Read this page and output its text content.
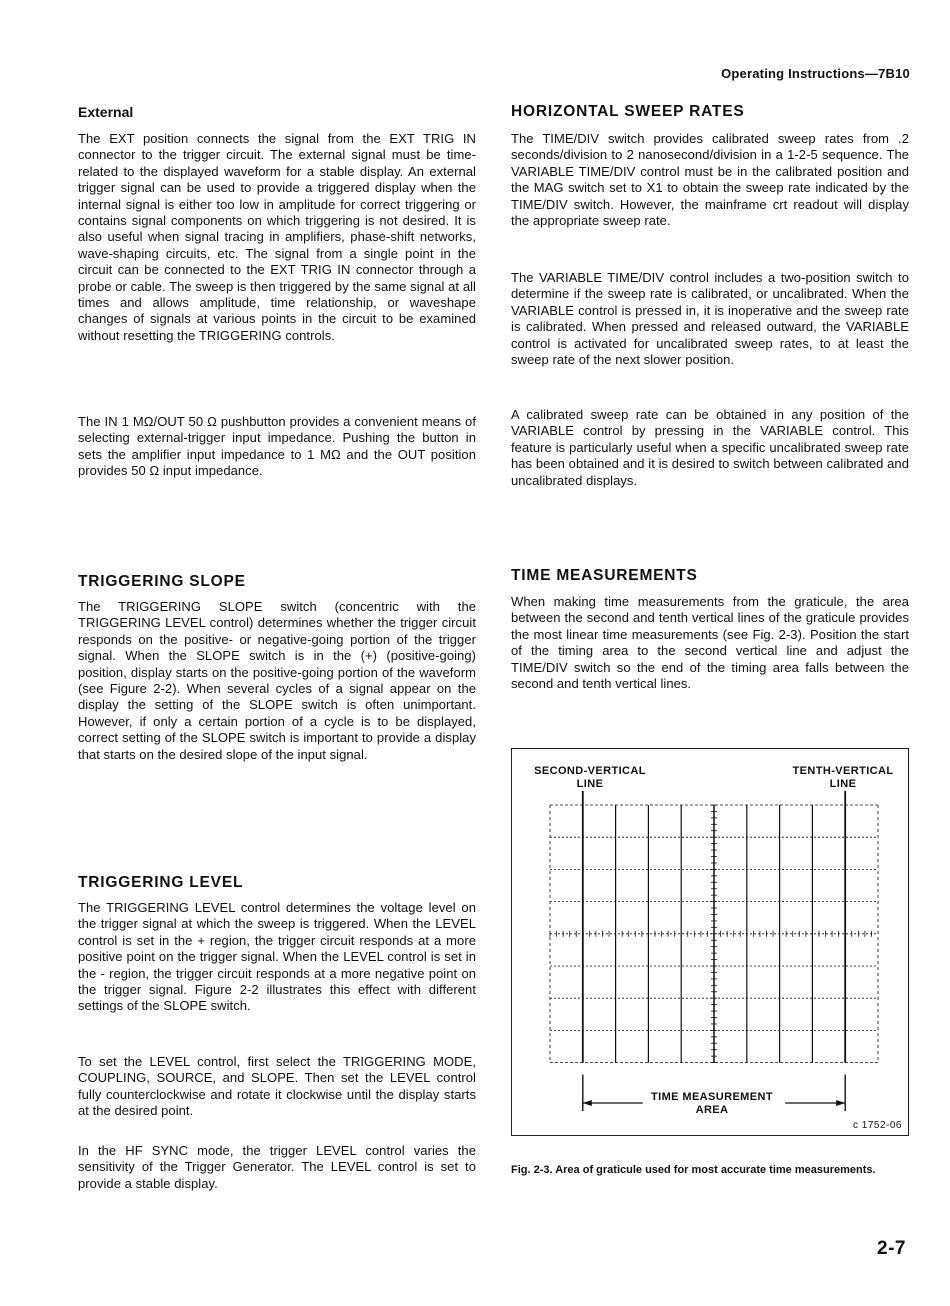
Operating Instructions—7B10
External

The EXT position connects the signal from the EXT TRIG IN connector to the trigger circuit. The external signal must be time-related to the displayed waveform for a stable display. An external trigger signal can be used to provide a triggered display when the internal signal is either too low in amplitude for correct triggering or contains signal components on which triggering is not desired. It is also useful when signal tracing in amplifiers, phase-shift networks, wave-shaping circuits, etc. The signal from a single point in the circuit can be connected to the EXT TRIG IN connector through a probe or cable. The sweep is then triggered by the same signal at all times and allows amplitude, time relationship, or waveshape changes of signals at various points in the circuit to be examined without resetting the TRIGGERING controls.

The IN 1 MΩ/OUT 50 Ω pushbutton provides a convenient means of selecting external-trigger input impedance. Pushing the button in sets the amplifier input impedance to 1 MΩ and the OUT position provides 50 Ω input impedance.

TRIGGERING SLOPE

The TRIGGERING SLOPE switch (concentric with the TRIGGERING LEVEL control) determines whether the trigger circuit responds on the positive- or negative-going portion of the trigger signal. When the SLOPE switch is in the (+) (positive-going) position, display starts on the positive-going portion of the waveform (see Figure 2-2). When several cycles of a signal appear on the display the setting of the SLOPE switch is often unimportant. However, if only a certain portion of a cycle is to be displayed, correct setting of the SLOPE switch is important to provide a display that starts on the desired slope of the input signal.

TRIGGERING LEVEL

The TRIGGERING LEVEL control determines the voltage level on the trigger signal at which the sweep is triggered. When the LEVEL control is set in the + region, the trigger circuit responds at a more positive point on the trigger signal. When the LEVEL control is set in the - region, the trigger circuit responds at a more negative point on the trigger signal. Figure 2-2 illustrates this effect with different settings of the SLOPE switch.

To set the LEVEL control, first select the TRIGGERING MODE, COUPLING, SOURCE, and SLOPE. Then set the LEVEL control fully counterclockwise and rotate it clockwise until the display starts at the desired point.

In the HF SYNC mode, the trigger LEVEL control varies the sensitivity of the Trigger Generator. The LEVEL control is set to provide a stable display.

HORIZONTAL SWEEP RATES

The TIME/DIV switch provides calibrated sweep rates from .2 seconds/division to 2 nanosecond/division in a 1-2-5 sequence. The VARIABLE TIME/DIV control must be in the calibrated position and the MAG switch set to X1 to obtain the sweep rate indicated by the TIME/DIV switch. However, the mainframe crt readout will display the appropriate sweep rate.

The VARIABLE TIME/DIV control includes a two-position switch to determine if the sweep rate is calibrated, or uncalibrated. When the VARIABLE control is pressed in, it is inoperative and the sweep rate is calibrated. When pressed and released outward, the VARIABLE control is activated for uncalibrated sweep rates, to at least the sweep rate of the next slower position.

A calibrated sweep rate can be obtained in any position of the VARIABLE control by pressing in the VARIABLE control. This feature is particularly useful when a specific uncalibrated sweep rate has been obtained and it is desired to switch between calibrated and uncalibrated displays.

TIME MEASUREMENTS

When making time measurements from the graticule, the area between the second and tenth vertical lines of the graticule provides the most linear time measurements (see Fig. 2-3). Position the start of the timing area to the second vertical line and adjust the TIME/DIV switch so the end of the timing area falls between the second and tenth vertical lines.

SECOND-VERTICAL
LINE
TENTH-VERTICAL
LINE
TIME MEASUREMENT
AREA
c 1752-06
Fig. 2-3. Area of graticule used for most accurate time measurements.
2-7
